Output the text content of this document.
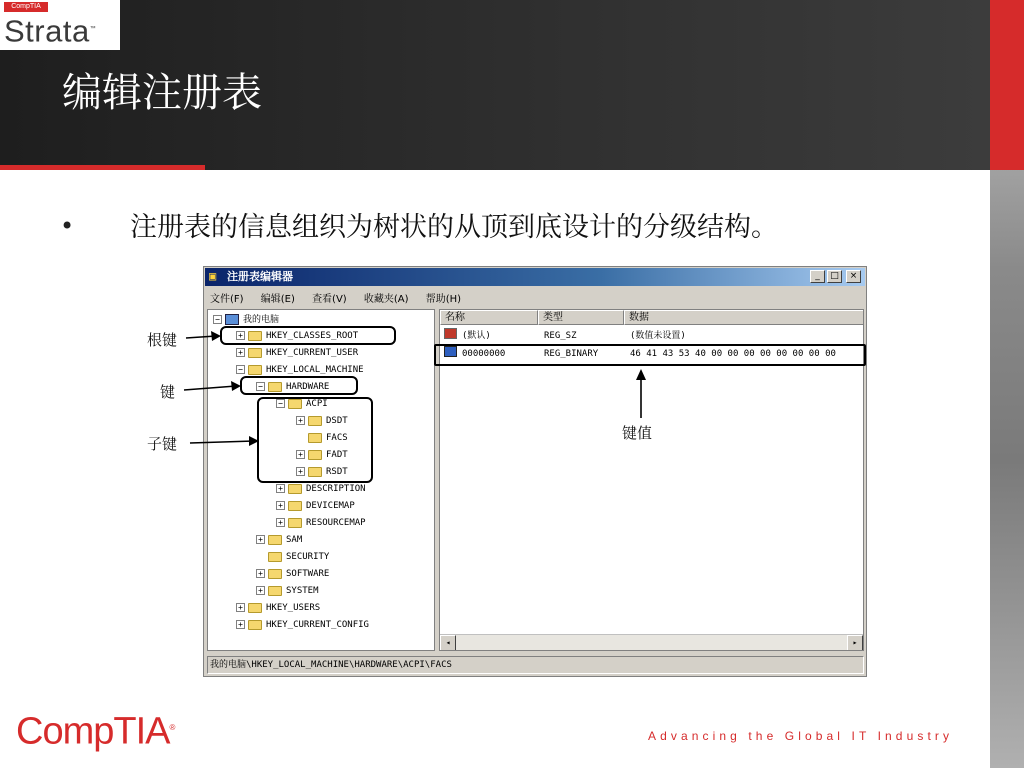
CompTIA
Strata™
编辑注册表
• 注册表的信息组织为树状的从顶到底设计的分级结构。
▣ 注册表编辑器	_	□	×
文件(F) 编辑(E) 查看(V) 收藏夹(A) 帮助(H)
−	我的电脑
+	HKEY_CLASSES_ROOT
+	HKEY_CURRENT_USER
−	HKEY_LOCAL_MACHINE
−	HARDWARE
−	ACPI
+	DSDT
FACS
+	FADT
+	RSDT
+	DESCRIPTION
+	DEVICEMAP
+	RESOURCEMAP
+	SAM
SECURITY
+	SOFTWARE
+	SYSTEM
+	HKEY_USERS
+	HKEY_CURRENT_CONFIG
名称	类型	数据
(默认)	REG_SZ	(数值未设置)
00000000	REG_BINARY	46 41 43 53 40 00 00 00 00 00 00 00 00
◂	▸
我的电脑\HKEY_LOCAL_MACHINE\HARDWARE\ACPI\FACS
根键
键
子键
键值
CompTIA®
Advancing the Global IT Industry
